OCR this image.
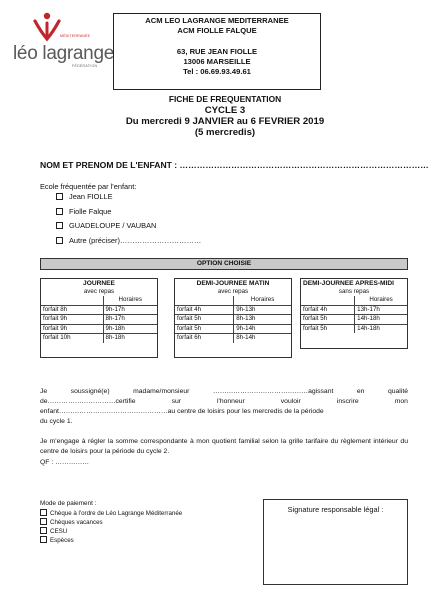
MÉDITERRANÉE
léo lagrange
FÉDÉRATION
ACM LEO LAGRANGE MEDITERRANEE
ACM FIOLLE FALQUE
63, RUE JEAN FIOLLE
13006 MARSEILLE
Tel : 06.69.93.49.61
FICHE DE FREQUENTATION
CYCLE 3
Du mercredi 9 JANVIER au 6 FEVRIER 2019
(5 mercredis)
NOM ET PRENOM DE L'ENFANT : ……………………………………………………………………………
Ecole fréquentée par l'enfant:
Jean FIOLLE
Fiolle Falque
GUADELOUPE / VAUBAN
Autre (préciser)……………………………
OPTION CHOISIE
JOURNEE
avec repas
	Horaires
forfait 8h	9h-17h
forfait 9h	8h-17h
forfait 9h	9h-18h
forfait 10h	8h-18h
DEMI-JOURNEE MATIN
avec repas
	Horaires
forfait 4h	9h-13h
forfait 5h	8h-13h
forfait 5h	9h-14h
forfait 6h	8h-14h
DEMI-JOURNEE APRES-MIDI
sans repas
	Horaires
forfait 4h	13h-17h
forfait 5h	14h-18h
forfait 5h	14h-18h
Je	soussigné(e)	madame/monsieur	……………………………………agissant	en	qualité
de…………………………certifie	sur	l'honneur	vouloir	inscrire	mon
enfant…………………………………………au centre de loisirs pour les mercredis de la période
du cycle 1.
Je m'engage à régler la somme correspondante à mon quotient familial selon la grille tarifaire du règlement intérieur du centre de loisirs pour la période du cycle 2.
QF : ……………
Mode de paiement :
Chèque à l'ordre de Léo Lagrange Méditerranée
Chèques vacances
CESU
Espèces
Signature responsable légal :
